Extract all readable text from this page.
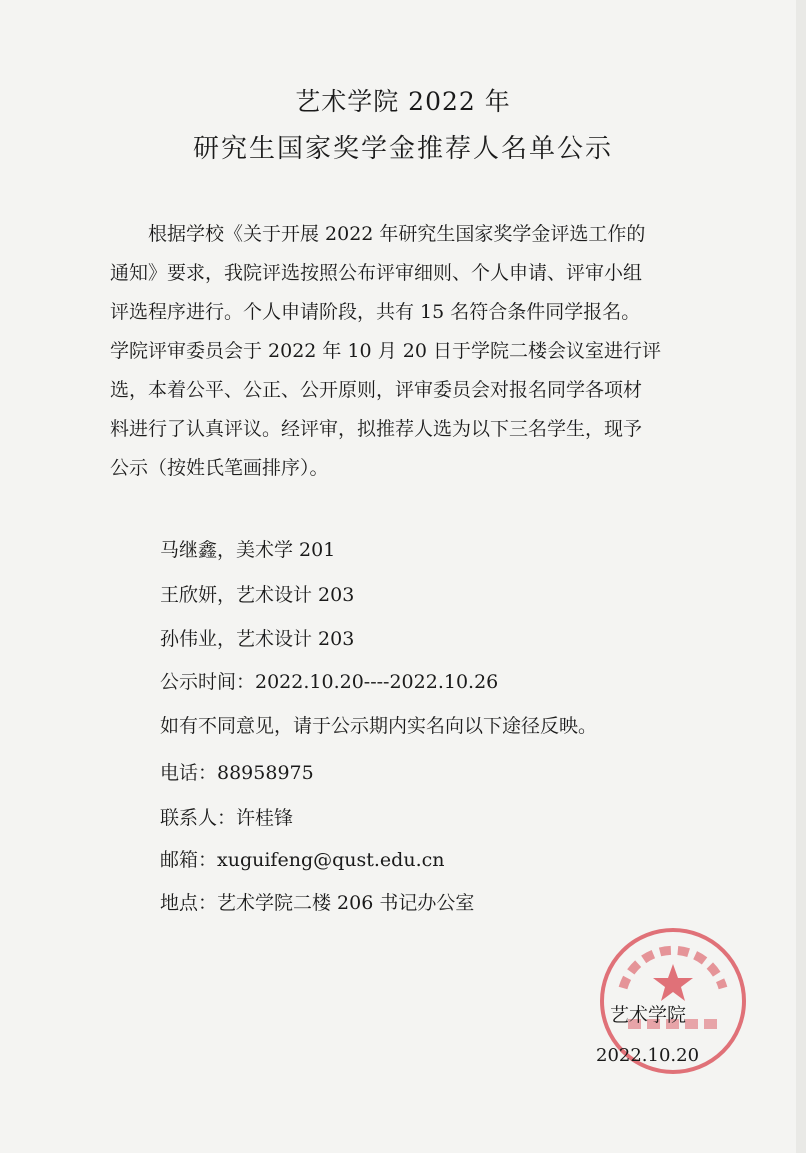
艺术学院 2022 年
研究生国家奖学金推荐人名单公示
　　根据学校《关于开展 2022 年研究生国家奖学金评选工作的
通知》要求，我院评选按照公布评审细则、个人申请、评审小组
评选程序进行。个人申请阶段，共有 15 名符合条件同学报名。
学院评审委员会于 2022 年 10 月 20 日于学院二楼会议室进行评
选，本着公平、公正、公开原则，评审委员会对报名同学各项材
料进行了认真评议。经评审，拟推荐人选为以下三名学生，现予
公示（按姓氏笔画排序）。
马继鑫，美术学 201
王欣妍，艺术设计 203
孙伟业，艺术设计 203
公示时间：2022.10.20----2022.10.26
如有不同意见，请于公示期内实名向以下途径反映。
电话：88958975
联系人：许桂锋
邮箱：xuguifeng@qust.edu.cn
地点：艺术学院二楼 206 书记办公室
艺术学院
2022.10.20
